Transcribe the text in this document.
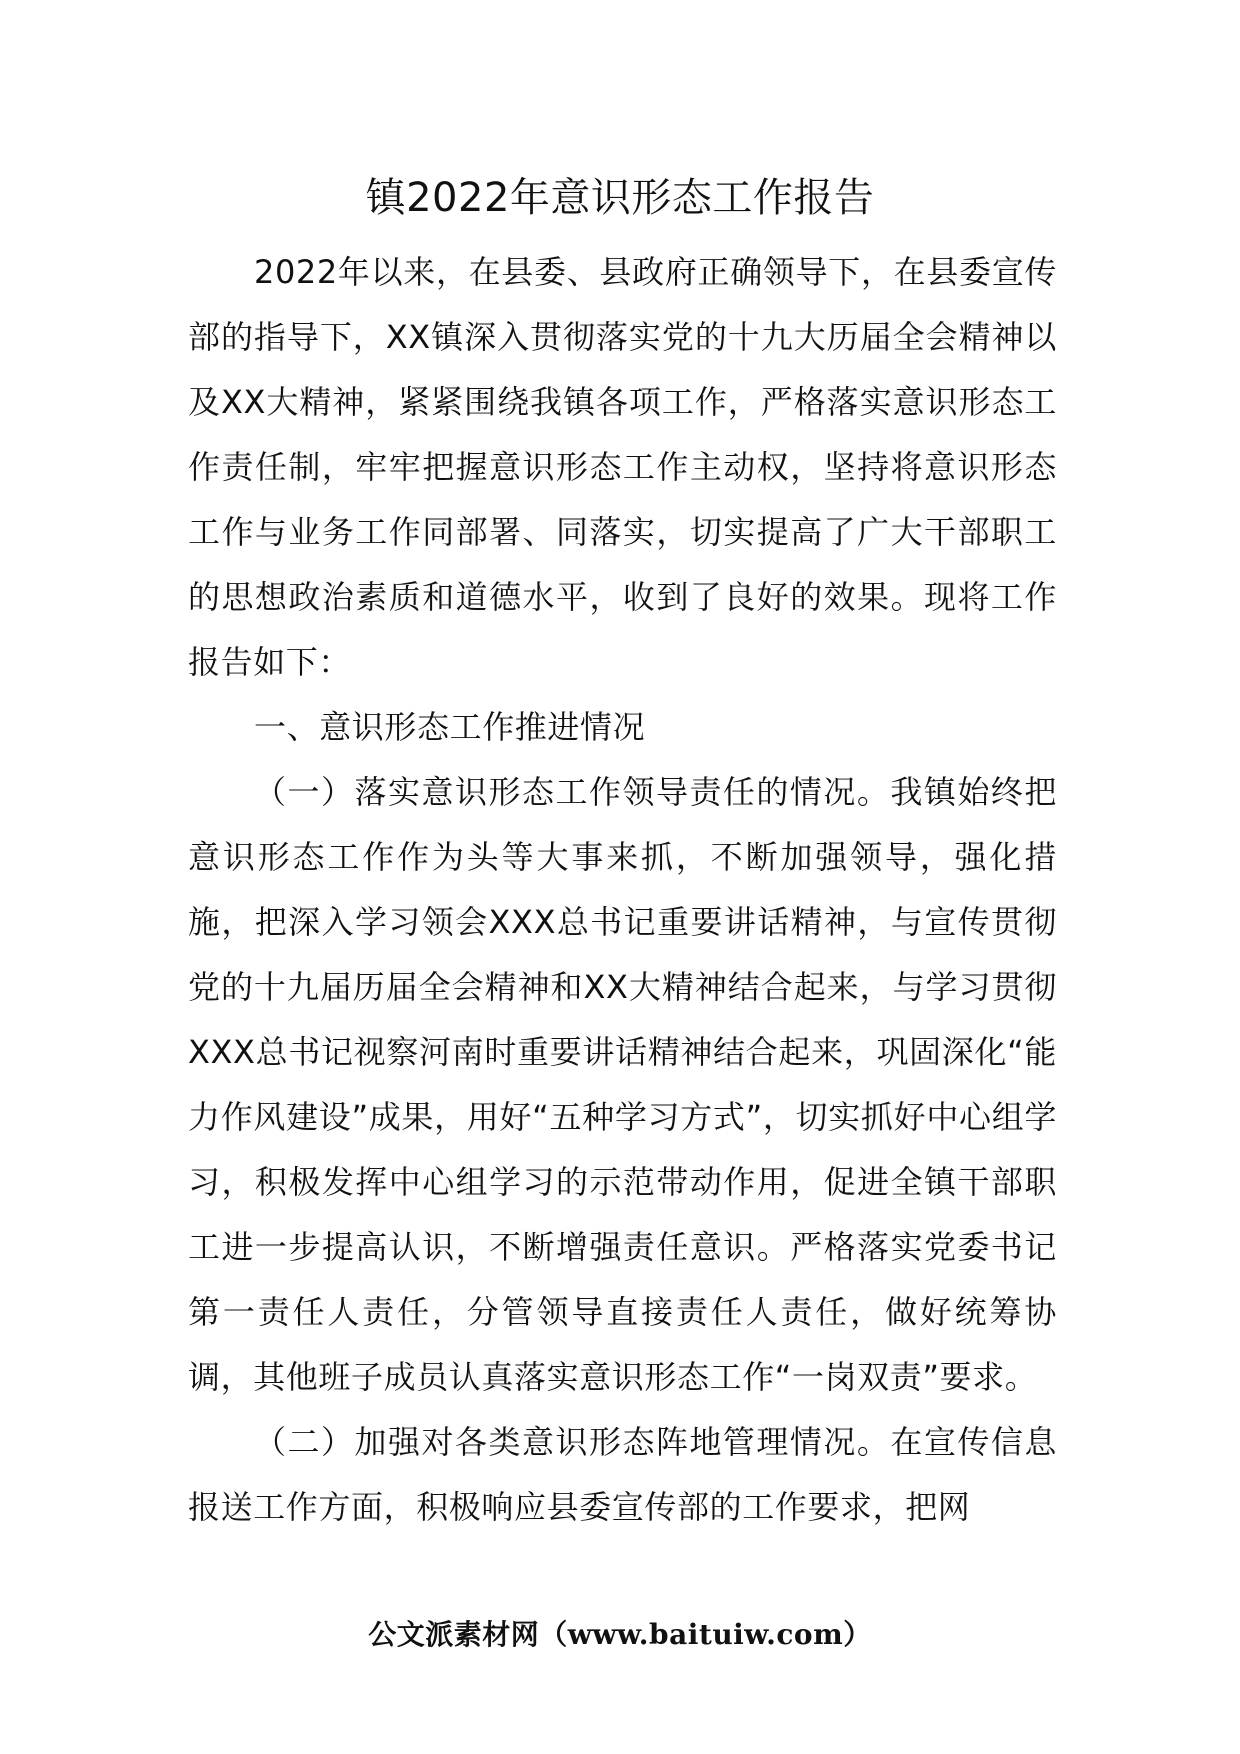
镇2022年意识形态工作报告

2022年以来，在县委、县政府正确领导下，在县委宣传部的指导下，XX镇深入贯彻落实党的十九大历届全会精神以及XX大精神，紧紧围绕我镇各项工作，严格落实意识形态工作责任制，牢牢把握意识形态工作主动权，坚持将意识形态工作与业务工作同部署、同落实，切实提高了广大干部职工的思想政治素质和道德水平，收到了良好的效果。现将工作报告如下：

一、意识形态工作推进情况

（一）落实意识形态工作领导责任的情况。我镇始终把意识形态工作作为头等大事来抓，不断加强领导，强化措施，把深入学习领会XXX总书记重要讲话精神，与宣传贯彻党的十九届历届全会精神和XX大精神结合起来，与学习贯彻XXX总书记视察河南时重要讲话精神结合起来，巩固深化“能力作风建设”成果，用好“五种学习方式”，切实抓好中心组学习，积极发挥中心组学习的示范带动作用，促进全镇干部职工进一步提高认识，不断增强责任意识。严格落实党委书记第一责任人责任，分管领导直接责任人责任，做好统筹协调，其他班子成员认真落实意识形态工作“一岗双责”要求。

（二）加强对各类意识形态阵地管理情况。在宣传信息报送工作方面，积极响应县委宣传部的工作要求，把网

公文派素材网（www.baituiw.com）
